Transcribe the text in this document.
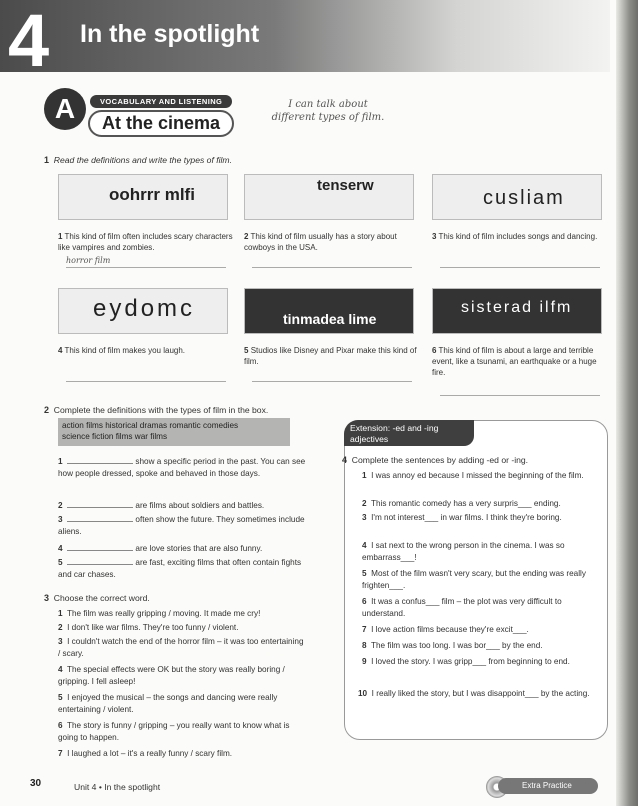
4 In the spotlight
A	VOCABULARY AND LISTENING
At the cinema
I can talk about
different types of film.
1 Read the definitions and write the types of film.
oohrrr mlfi	tenserw
cusliam
1 This kind of film often includes scary characters like vampires and zombies.
horror film
2 This kind of film usually has a story about cowboys in the USA.
3 This kind of film includes songs and dancing.
eydomc	tinmadea lime
sisterad ilfm
4 This kind of film makes you laugh.	5 Studios like Disney and Pixar make this kind of film.
6 This kind of film is about a large and terrible event, like a tsunami, an earthquake or a huge fire.
2 Complete the definitions with the types of film in the box.
action films historical dramas romantic comedies
science fiction films war films
1	show a specific period in the past. You can see how people dressed, spoke and behaved in those days.
2	are films about soldiers and battles.
3	often show the future. They sometimes include aliens.
4	are love stories that are also funny.
5	are fast, exciting films that often contain fights and car chases.
3 Choose the correct word.
1 The film was really gripping / moving. It made me cry!
2 I don't like war films. They're too funny / violent.
3 I couldn't watch the end of the horror film – it was too entertaining / scary.
4 The special effects were OK but the story was really boring / gripping. I fell asleep!
5 I enjoyed the musical – the songs and dancing were really entertaining / violent.
6 The story is funny / gripping – you really want to know what is going to happen.
7 I laughed a lot – it's a really funny / scary film.
Extension: -ed and -ing
adjectives
4 Complete the sentences by adding -ed or -ing.
1 I was annoy ed because I missed the beginning of the film.
2 This romantic comedy has a very surpris___ ending.
3 I'm not interest___ in war films. I think they're boring.
4 I sat next to the wrong person in the cinema. I was so embarrass___!
5 Most of the film wasn't very scary, but the ending was really frighten___.
6 It was a confus___ film – the plot was very difficult to understand.
7 I love action films because they're excit___.
8 The film was too long. I was bor___ by the end.
9 I loved the story. I was gripp___ from beginning to end.
10 I really liked the story, but I was disappoint___ by the acting.
30	Unit 4 • In the spotlight	Extra Practice
